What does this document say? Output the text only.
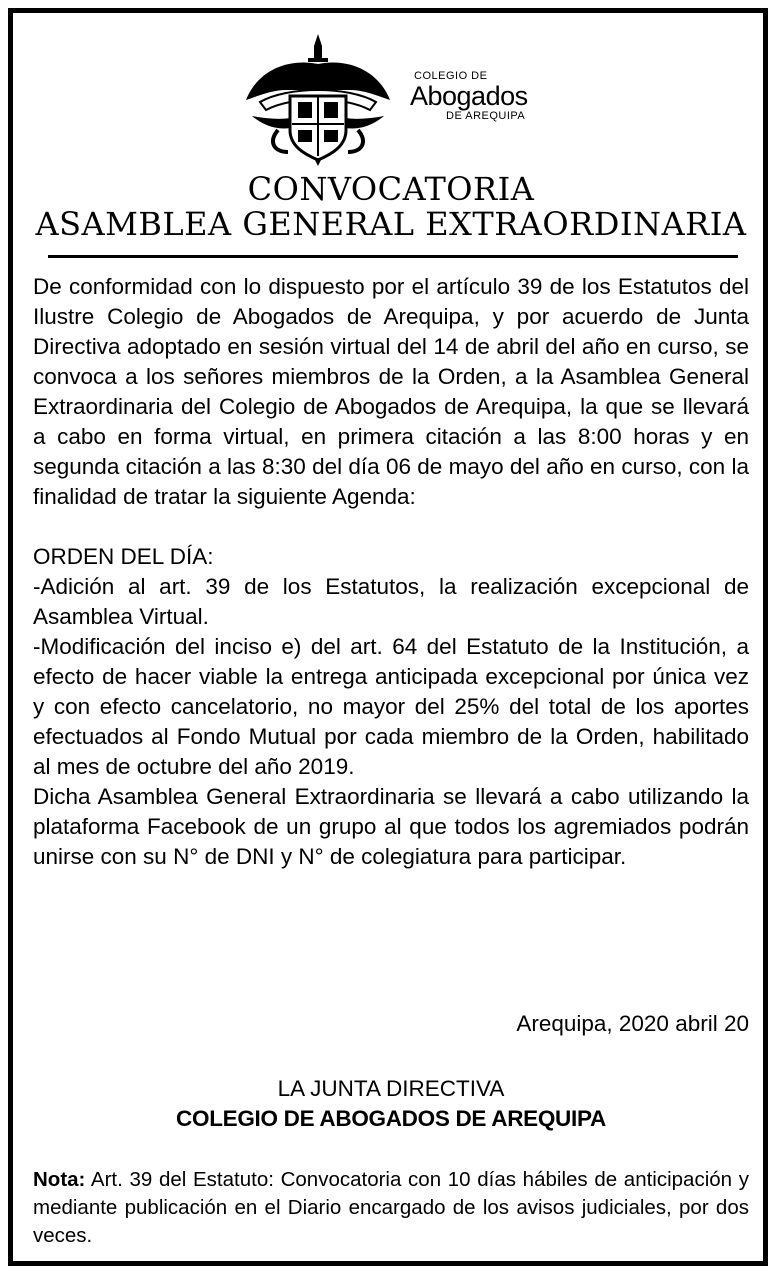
COLEGIO DE
Abogados
DE AREQUIPA
CONVOCATORIA
ASAMBLEA GENERAL EXTRAORDINARIA

De conformidad con lo dispuesto por el artículo 39 de los Estatutos del Ilustre Colegio de Abogados de Arequipa, y por acuerdo de Junta Directiva adoptado en sesión virtual del 14 de abril del año en curso, se convoca a los señores miembros de la Orden, a la Asamblea General Extraordinaria del Colegio de Abogados de Arequipa, la que se llevará a cabo en forma virtual, en primera citación a las 8:00 horas y en segunda citación a las 8:30 del día 06 de mayo del año en curso, con la finalidad de tratar la siguiente Agenda:

ORDEN DEL DÍA:

-Adición al art. 39 de los Estatutos, la realización excepcional de Asamblea Virtual.

-Modificación del inciso e) del art. 64 del Estatuto de la Institución, a efecto de hacer viable la entrega anticipada excepcional por única vez y con efecto cancelatorio, no mayor del 25% del total de los aportes efectuados al Fondo Mutual por cada miembro de la Orden, habilitado al mes de octubre del año 2019.

Dicha Asamblea General Extraordinaria se llevará a cabo utilizando la plataforma Facebook de un grupo al que todos los agremiados podrán unirse con su N° de DNI y N° de colegiatura para participar.

Arequipa, 2020 abril 20
LA JUNTA DIRECTIVA
COLEGIO DE ABOGADOS DE AREQUIPA
Nota: Art. 39 del Estatuto: Convocatoria con 10 días hábiles de anticipación y mediante publicación en el Diario encargado de los avisos judiciales, por dos veces.
